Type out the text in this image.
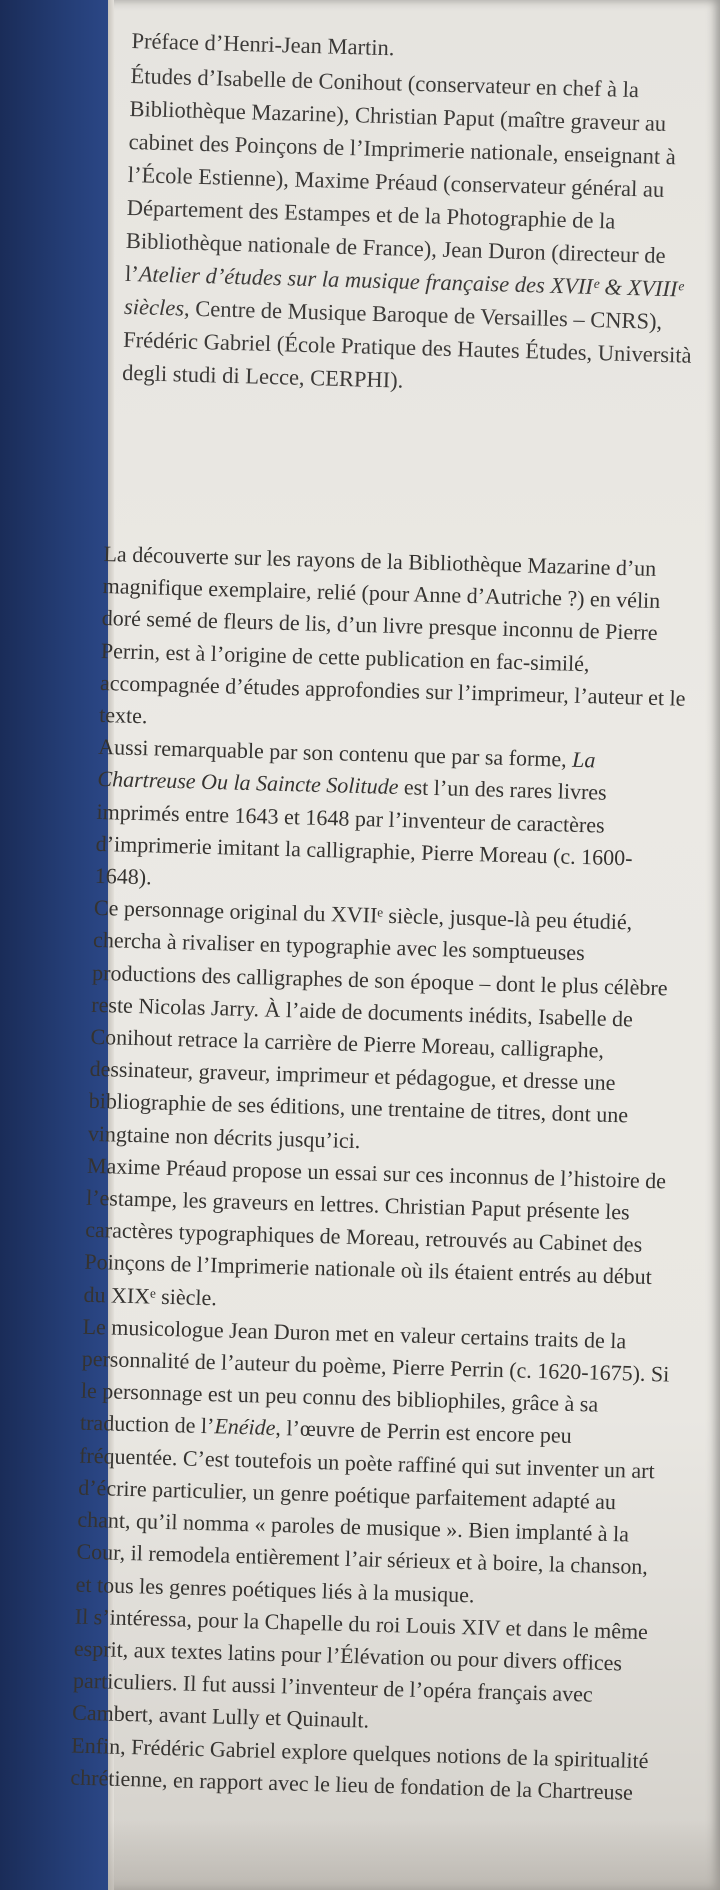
Préface d’Henri-Jean Martin.

Études d’Isabelle de Conihout (conservateur en chef à la Bibliothèque Mazarine), Christian Paput (maître graveur au cabinet des Poinçons de l’Imprimerie nationale, enseignant à l’École Estienne), Maxime Préaud (conservateur général au Département des Estampes et de la Photographie de la Bibliothèque nationale de France), Jean Duron (directeur de l’Atelier d’études sur la musique française des XVIIᵉ & XVIIIᵉ siècles, Centre de Musique Baroque de Versailles – CNRS), Frédéric Gabriel (École Pratique des Hautes Études, Università degli studi di Lecce, CERPHI).

La découverte sur les rayons de la Bibliothèque Mazarine d’un magnifique exemplaire, relié (pour Anne d’Autriche ?) en vélin doré semé de fleurs de lis, d’un livre presque inconnu de Pierre Perrin, est à l’origine de cette publication en fac-similé, accompagnée d’études approfondies sur l’imprimeur, l’auteur et le texte.

Aussi remarquable par son contenu que par sa forme, La Chartreuse Ou la Saincte Solitude est l’un des rares livres imprimés entre 1643 et 1648 par l’inventeur de caractères d’imprimerie imitant la calligraphie, Pierre Moreau (c. 1600-1648).

Ce personnage original du XVIIᵉ siècle, jusque-là peu étudié, chercha à rivaliser en typographie avec les somptueuses productions des calligraphes de son époque – dont le plus célèbre reste Nicolas Jarry. À l’aide de documents inédits, Isabelle de Conihout retrace la carrière de Pierre Moreau, calligraphe, dessinateur, graveur, imprimeur et pédagogue, et dresse une bibliographie de ses éditions, une trentaine de titres, dont une vingtaine non décrits jusqu’ici.

Maxime Préaud propose un essai sur ces inconnus de l’histoire de l’estampe, les graveurs en lettres. Christian Paput présente les caractères typographiques de Moreau, retrouvés au Cabinet des Poinçons de l’Imprimerie nationale où ils étaient entrés au début du XIXᵉ siècle.

Le musicologue Jean Duron met en valeur certains traits de la personnalité de l’auteur du poème, Pierre Perrin (c. 1620-1675). Si le personnage est un peu connu des bibliophiles, grâce à sa traduction de l’Enéide, l’œuvre de Perrin est encore peu fréquentée. C’est toutefois un poète raffiné qui sut inventer un art d’écrire particulier, un genre poétique parfaitement adapté au chant, qu’il nomma « paroles de musique ». Bien implanté à la Cour, il remodela entièrement l’air sérieux et à boire, la chanson, et tous les genres poétiques liés à la musique.

Il s’intéressa, pour la Chapelle du roi Louis XIV et dans le même esprit, aux textes latins pour l’Élévation ou pour divers offices particuliers. Il fut aussi l’inventeur de l’opéra français avec Cambert, avant Lully et Quinault.

Enfin, Frédéric Gabriel explore quelques notions de la spiritualité chrétienne, en rapport avec le lieu de fondation de la Chartreuse
